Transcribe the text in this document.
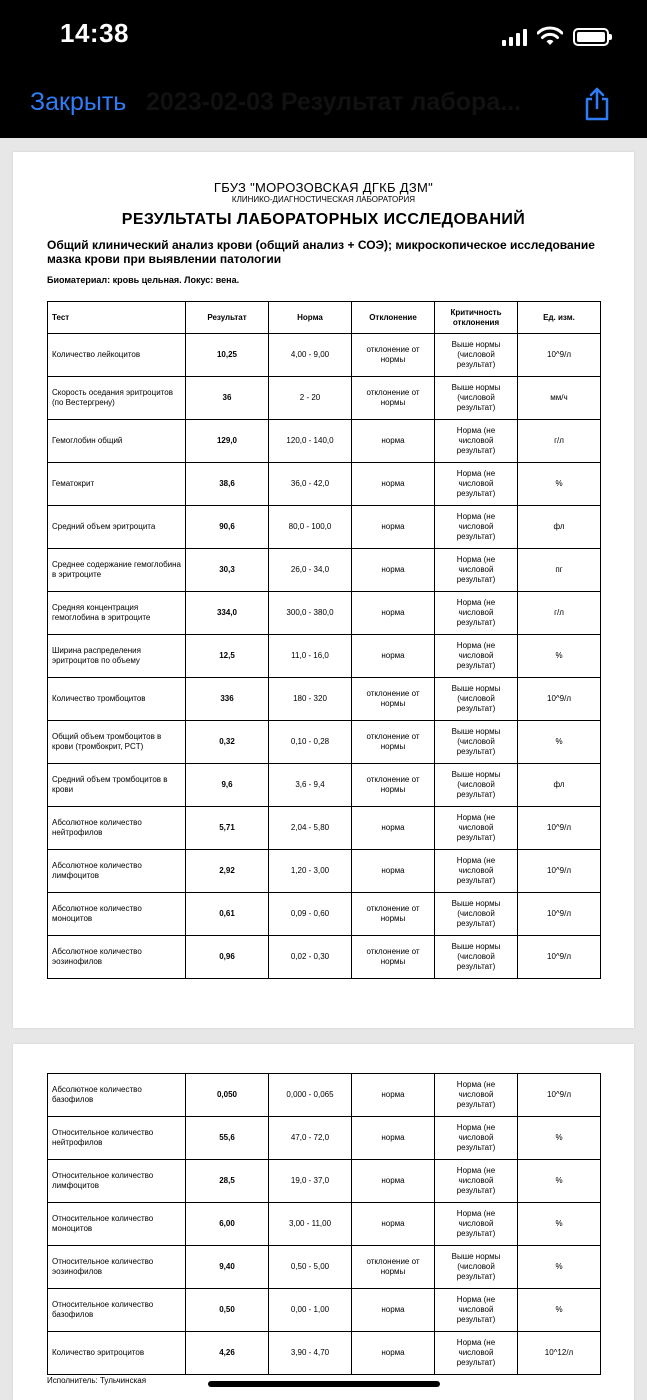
14:38
Закрыть 2023-02-03 Результат лабора...
ГБУЗ "МОРОЗОВСКАЯ ДГКБ ДЗМ"
КЛИНИКО-ДИАГНОСТИЧЕСКАЯ ЛАБОРАТОРИЯ
РЕЗУЛЬТАТЫ ЛАБОРАТОРНЫХ ИССЛЕДОВАНИЙ
Общий клинический анализ крови (общий анализ + СОЭ); микроскопическое исследование мазка крови при выявлении патологии
Биоматериал: кровь цельная. Локус: вена.
Тест	Результат	Норма	Отклонение	Критичность отклонения	Ед. изм.
Количество лейкоцитов	10,25	4,00 - 9,00	отклонение от нормы	Выше нормы (числовой результат)	10^9/л
Скорость оседания эритроцитов (по Вестергрену)	36	2 - 20	отклонение от нормы	Выше нормы (числовой результат)	мм/ч
Гемоглобин общий	129,0	120,0 - 140,0	норма	Норма (не числовой результат)	г/л
Гематокрит	38,6	36,0 - 42,0	норма	Норма (не числовой результат)	%
Средний объем эритроцита	90,6	80,0 - 100,0	норма	Норма (не числовой результат)	фл
Среднее содержание гемоглобина в эритроците	30,3	26,0 - 34,0	норма	Норма (не числовой результат)	пг
Средняя концентрация гемоглобина в эритроците	334,0	300,0 - 380,0	норма	Норма (не числовой результат)	г/л
Ширина распределения эритроцитов по объему	12,5	11,0 - 16,0	норма	Норма (не числовой результат)	%
Количество тромбоцитов	336	180 - 320	отклонение от нормы	Выше нормы (числовой результат)	10^9/л
Общий объем тромбоцитов в крови (тромбокрит, PCT)	0,32	0,10 - 0,28	отклонение от нормы	Выше нормы (числовой результат)	%
Средний объем тромбоцитов в крови	9,6	3,6 - 9,4	отклонение от нормы	Выше нормы (числовой результат)	фл
Абсолютное количество нейтрофилов	5,71	2,04 - 5,80	норма	Норма (не числовой результат)	10^9/л
Абсолютное количество лимфоцитов	2,92	1,20 - 3,00	норма	Норма (не числовой результат)	10^9/л
Абсолютное количество моноцитов	0,61	0,09 - 0,60	отклонение от нормы	Выше нормы (числовой результат)	10^9/л
Абсолютное количество эозинофилов	0,96	0,02 - 0,30	отклонение от нормы	Выше нормы (числовой результат)	10^9/л
Абсолютное количество базофилов	0,050	0,000 - 0,065	норма	Норма (не числовой результат)	10^9/л
Относительное количество нейтрофилов	55,6	47,0 - 72,0	норма	Норма (не числовой результат)	%
Относительное количество лимфоцитов	28,5	19,0 - 37,0	норма	Норма (не числовой результат)	%
Относительное количество моноцитов	6,00	3,00 - 11,00	норма	Норма (не числовой результат)	%
Относительное количество эозинофилов	9,40	0,50 - 5,00	отклонение от нормы	Выше нормы (числовой результат)	%
Относительное количество базофилов	0,50	0,00 - 1,00	норма	Норма (не числовой результат)	%
Количество эритроцитов	4,26	3,90 - 4,70	норма	Норма (не числовой результат)	10^12/л
Исполнитель: Тульчинская
